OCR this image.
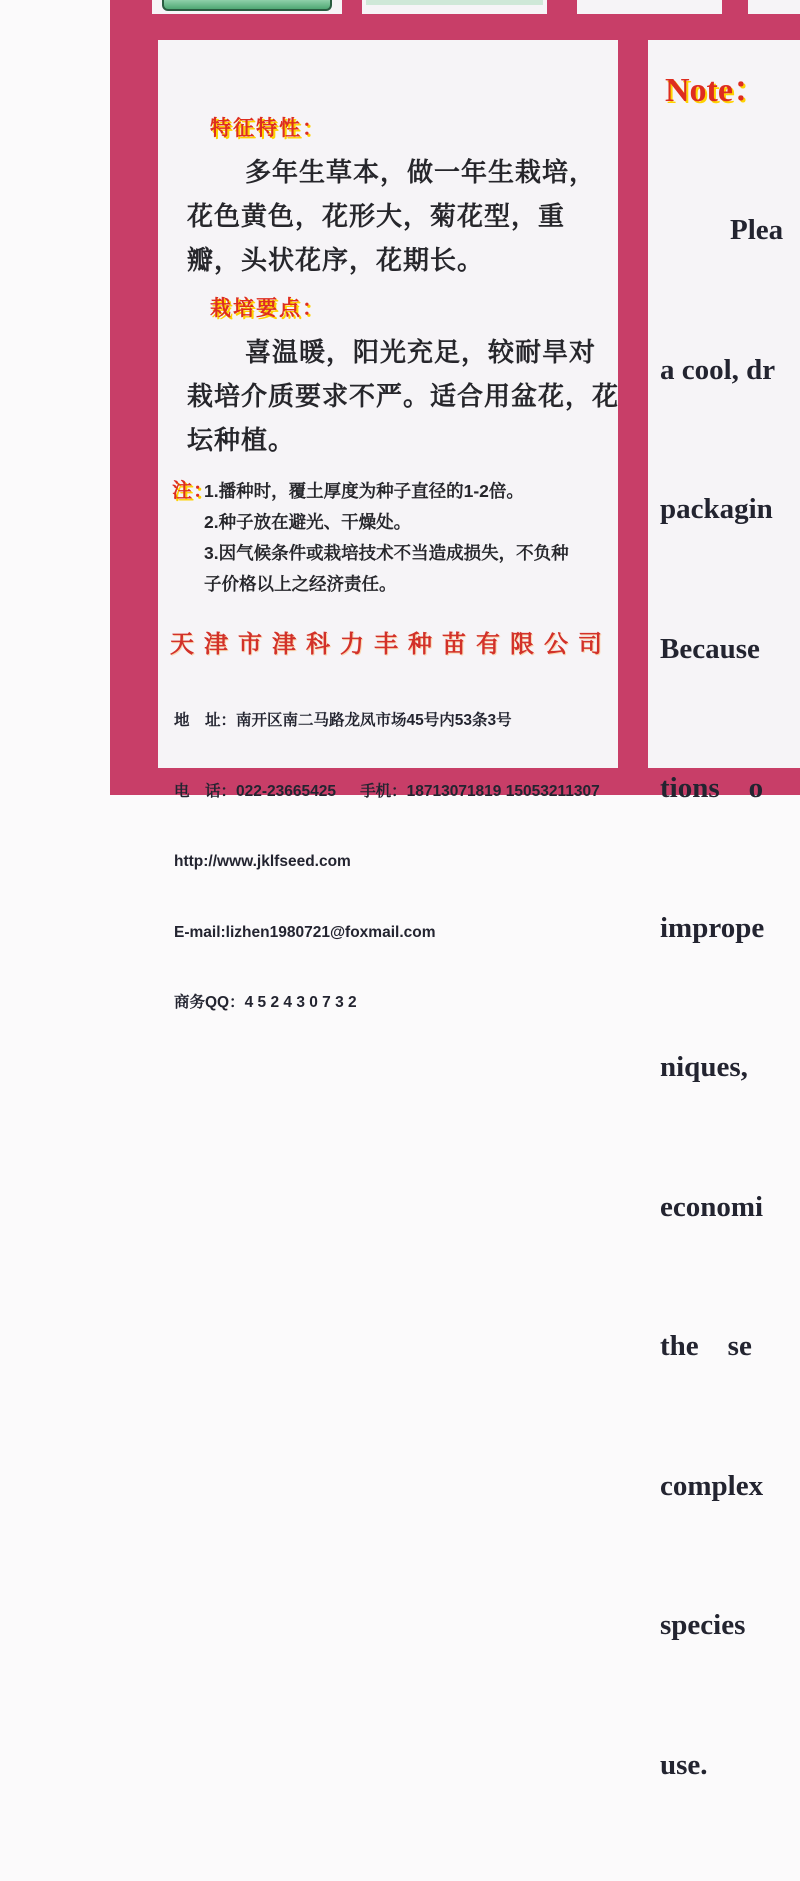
特征特性：
多年生草本，做一年生栽培，
花色黄色，花形大，菊花型，重
瓣，头状花序，花期长。
栽培要点：
喜温暖，阳光充足，较耐旱对
栽培介质要求不严。适合用盆花，花
坛种植。
注：
1.播种时，覆土厚度为种子直径的1-2倍。
2.种子放在避光、干燥处。
3.因气候条件或栽培技术不当造成损失，不负种
子价格以上之经济责任。
天津市津科力丰种苗有限公司

地　址：南开区南二马路龙凤市场45号内53条3号

电　话：022-23665425　  手机：18713071819 15053211307

http://www.jklfseed.com

E-mail:lizhen1980721@foxmail.com

商务QQ：4 5 2 4 3 0 7 3 2

Note：

Plea

a cool, dr

packagin

Because

tions    o

imprope

niques,

economi

the    se

complex

species

use.
